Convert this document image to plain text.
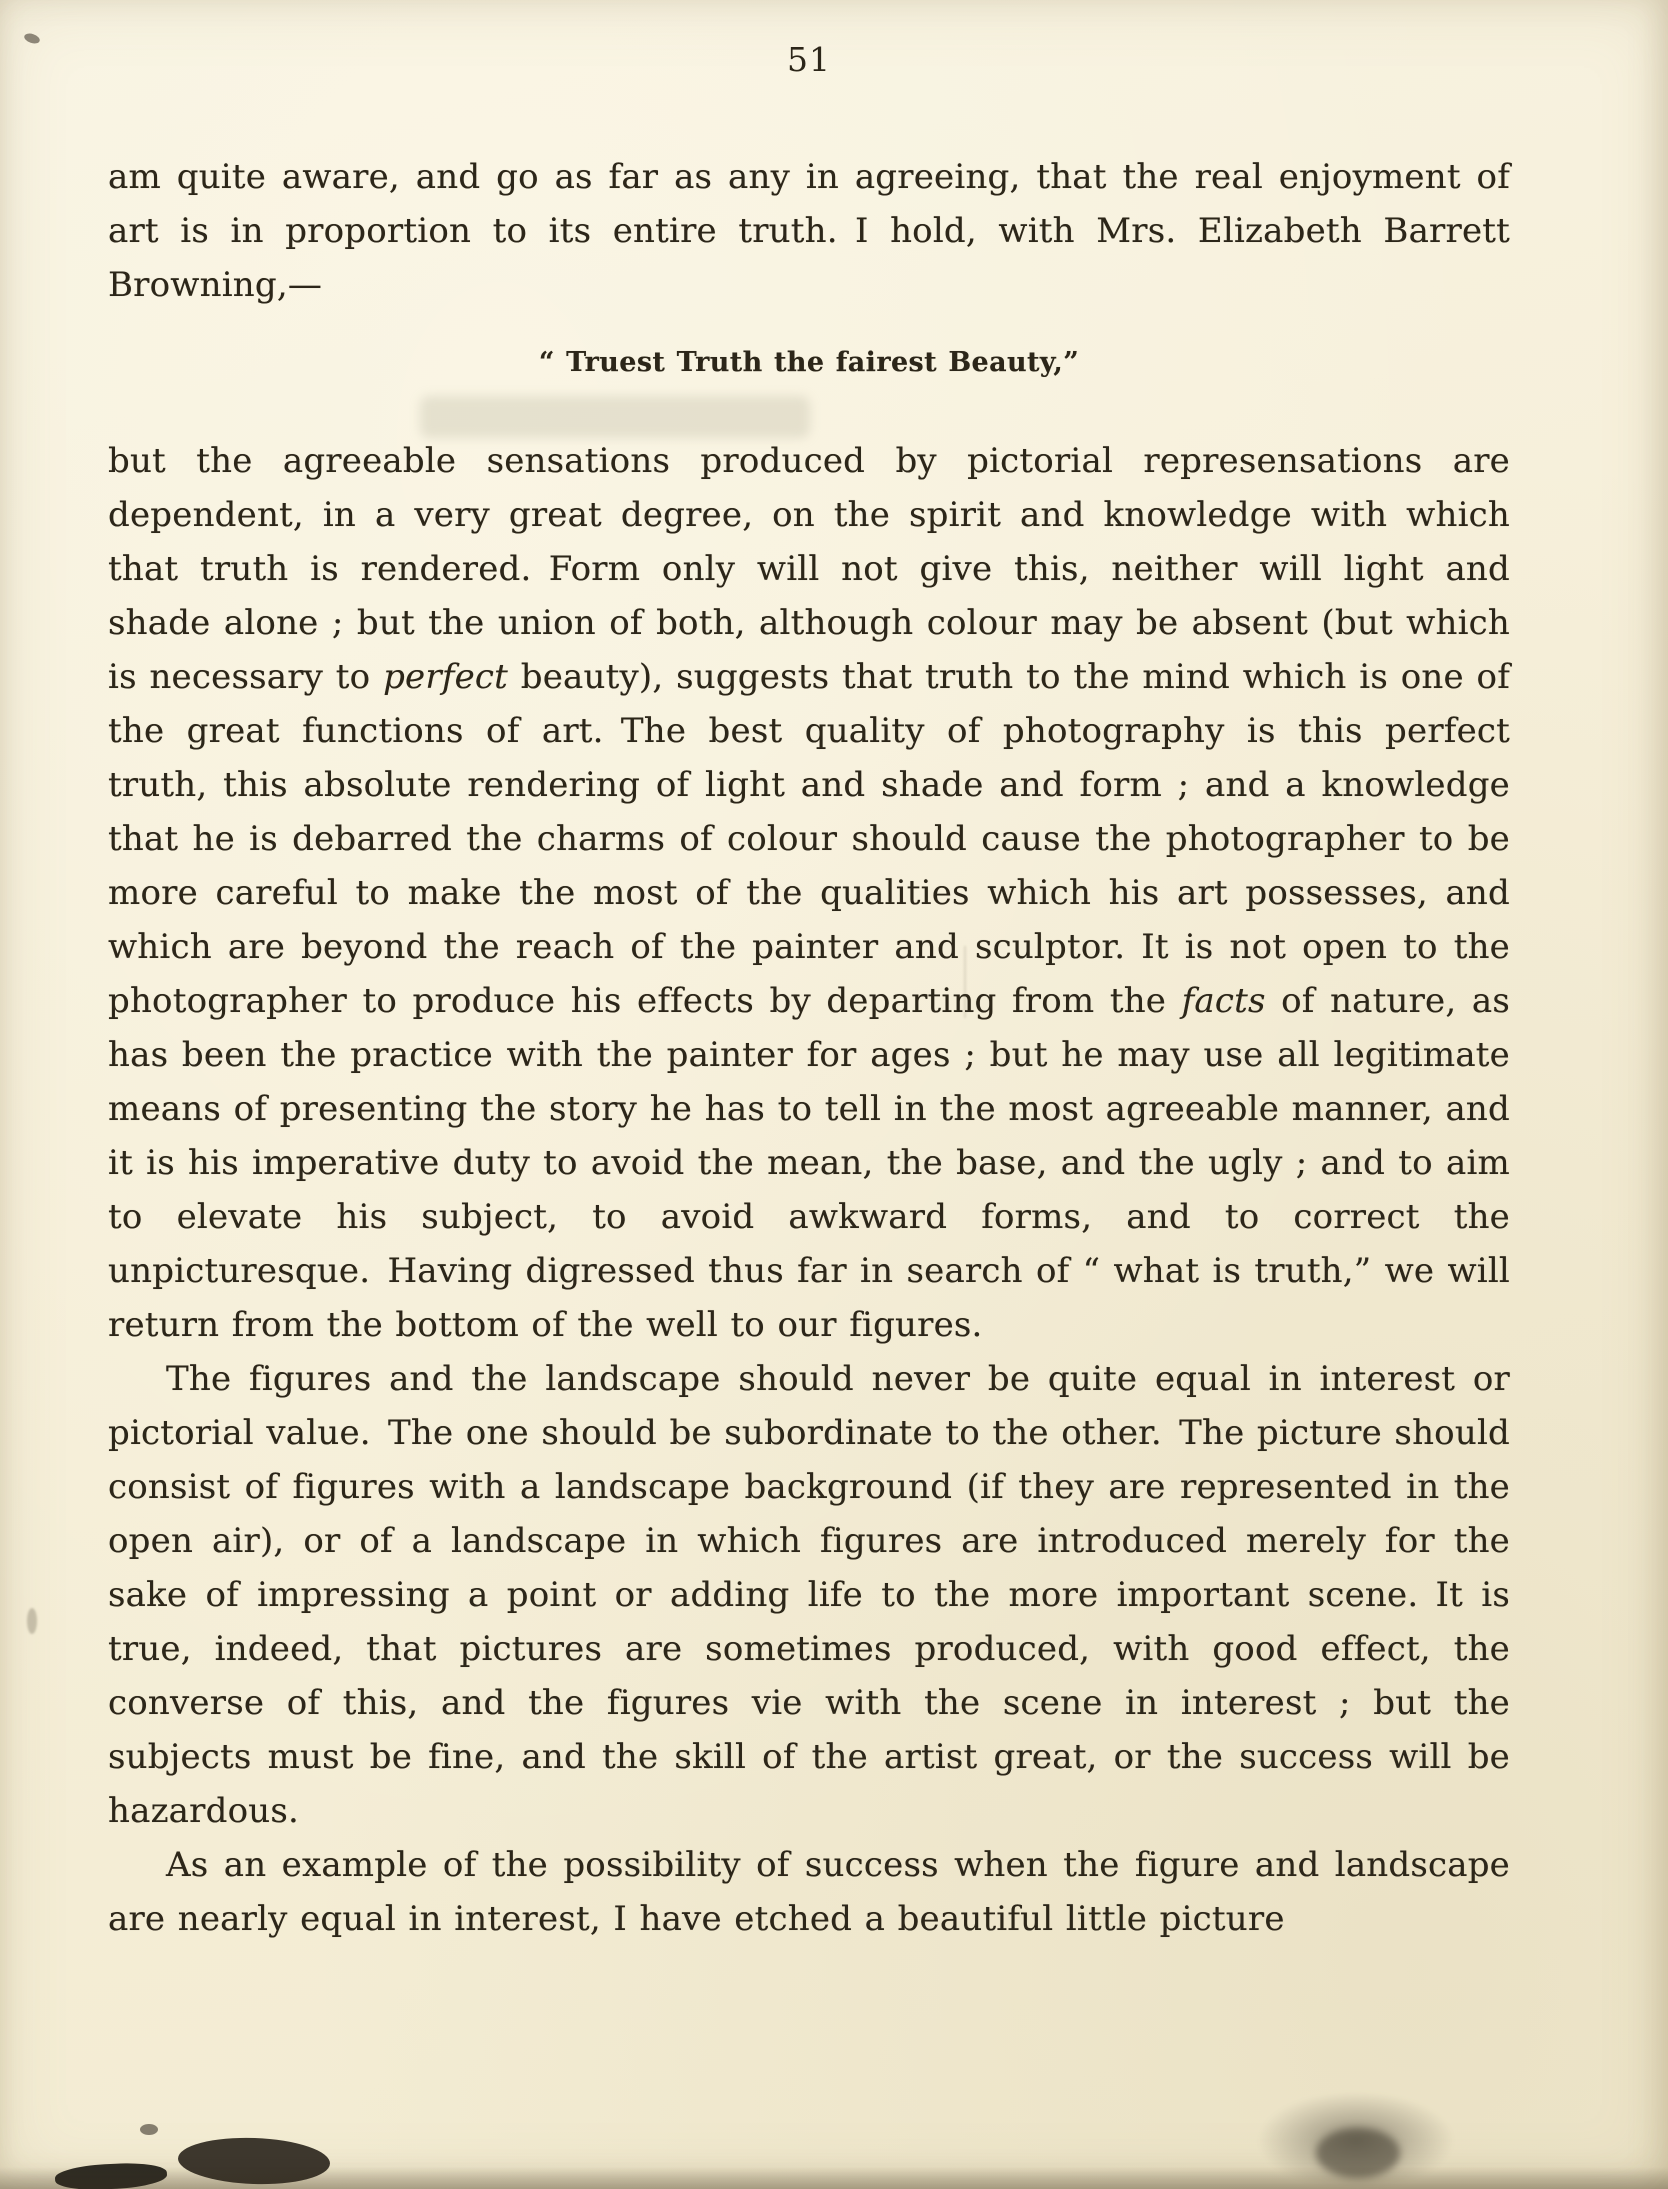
51

am quite aware, and go as far as any in agreeing, that the real enjoyment of art is in proportion to its entire truth. I hold, with Mrs. Elizabeth Barrett Browning,—

“ Truest Truth the fairest Beauty,”

but the agreeable sensations produced by pictorial represensations are dependent, in a very great degree, on the spirit and knowledge with which that truth is rendered. Form only will not give this, neither will light and shade alone ; but the union of both, although colour may be absent (but which is necessary to perfect beauty), suggests that truth to the mind which is one of the great functions of art. The best quality of photography is this perfect truth, this absolute rendering of light and shade and form ; and a knowledge that he is debarred the charms of colour should cause the photographer to be more careful to make the most of the qualities which his art possesses, and which are beyond the reach of the painter and sculptor. It is not open to the photographer to produce his effects by departing from the facts of nature, as has been the practice with the painter for ages ; but he may use all legitimate means of presenting the story he has to tell in the most agreeable manner, and it is his imperative duty to avoid the mean, the base, and the ugly ; and to aim to elevate his subject, to avoid awkward forms, and to correct the unpicturesque. Having digressed thus far in search of “ what is truth,” we will return from the bottom of the well to our figures.

The figures and the landscape should never be quite equal in interest or pictorial value. The one should be subordinate to the other. The picture should consist of figures with a landscape background (if they are represented in the open air), or of a landscape in which figures are introduced merely for the sake of impressing a point or adding life to the more important scene. It is true, indeed, that pictures are sometimes produced, with good effect, the converse of this, and the figures vie with the scene in interest ; but the subjects must be fine, and the skill of the artist great, or the success will be hazardous.

As an example of the possibility of success when the figure and landscape are nearly equal in interest, I have etched a beautiful little picture
